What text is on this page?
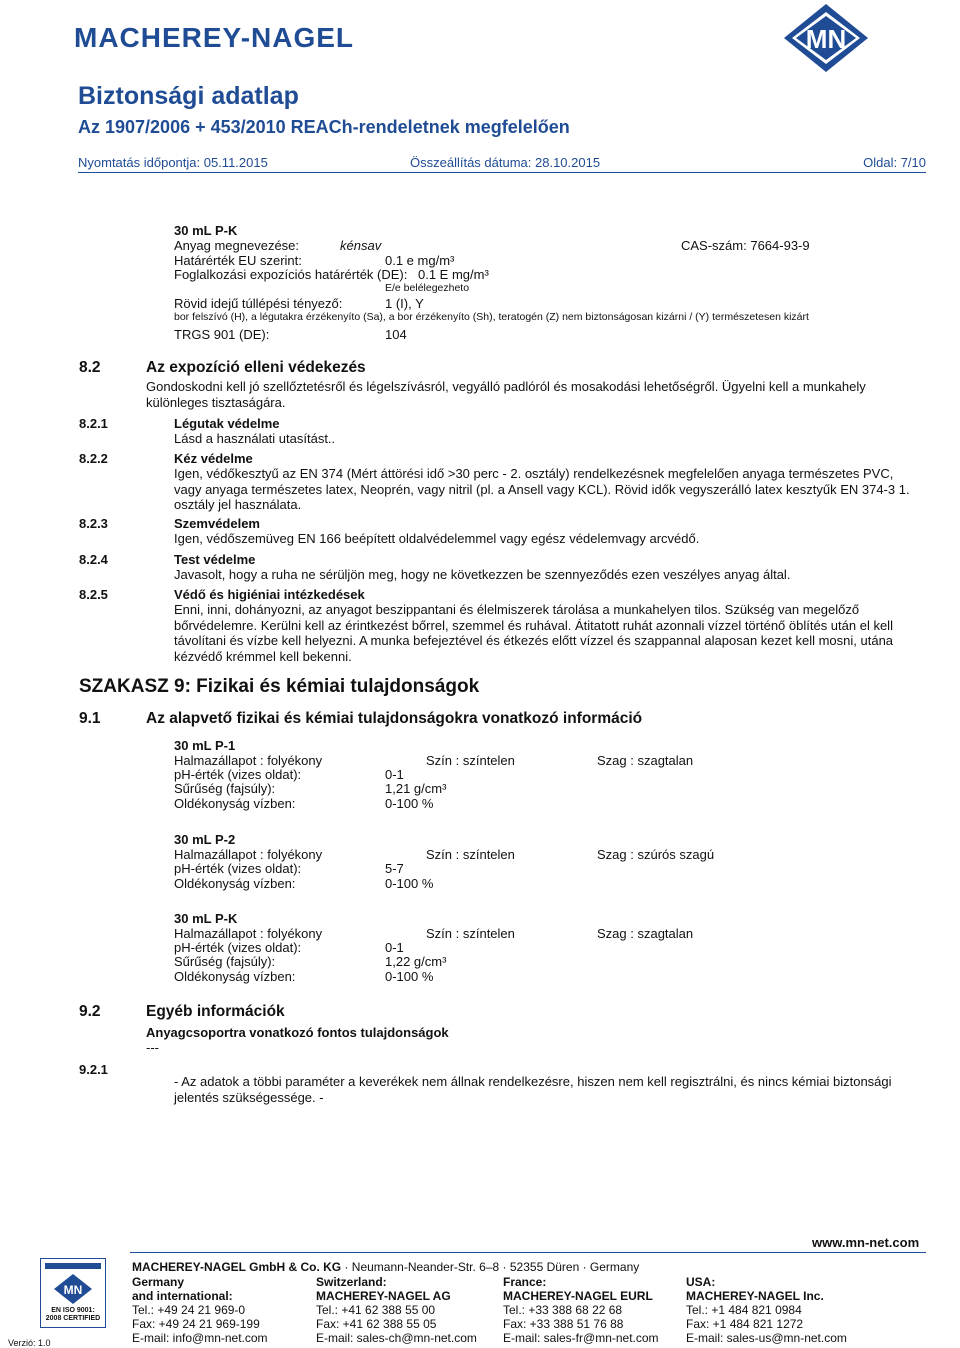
MACHEREY-NAGEL	MN
Biztonsági adatlap
Az 1907/2006 + 453/2010 REACh-rendeletnek megfelelően
Nyomtatás időpontja: 05.11.2015	Összeállítás dátuma: 28.10.2015	Oldal: 7/10
30 mL P-K
Anyag megnevezése:	kénsav	CAS-szám: 7664-93-9
Határérték EU szerint:	0.1 e mg/m³
Foglalkozási expozíciós határérték (DE): 0.1 E mg/m³
E/e belélegezheto
Rövid idejű túllépési tényező:	1 (I), Y
bor felszívó (H), a légutakra érzékenyíto (Sa), a bor érzékenyíto (Sh), teratogén (Z) nem biztonságosan kizárni / (Y) természetesen kizárt
TRGS 901 (DE):	104
8.2	Az expozíció elleni védekezés
Gondoskodni kell jó szellőztetésről és légelszívásról, vegyálló padlóról és mosakodási lehetőségről. Ügyelni kell a munkahely különleges tisztaságára.
8.2.1	Légutak védelme
Lásd a használati utasítást..
8.2.2	Kéz védelme
Igen, védőkesztyű az EN 374 (Mért áttörési idő >30 perc - 2. osztály) rendelkezésnek megfelelően anyaga természetes PVC, vagy anyaga természetes latex, Neoprén, vagy nitril (pl. a Ansell vagy KCL). Rövid idők vegyszerálló latex kesztyűk EN 374-3 1. osztály jel használata.
8.2.3	Szemvédelem
Igen, védőszemüveg EN 166 beépített oldalvédelemmel vagy egész védelemvagy arcvédő.
8.2.4	Test védelme
Javasolt, hogy a ruha ne sérüljön meg, hogy ne következzen be szennyeződés ezen veszélyes anyag által.
8.2.5	Védő és higiéniai intézkedések
Enni, inni, dohányozni, az anyagot beszippantani és élelmiszerek tárolása a munkahelyen tilos. Szükség van megelőző bőrvédelemre. Kerülni kell az érintkezést bőrrel, szemmel és ruhával. Átitatott ruhát azonnali vízzel történő öblítés után el kell távolítani és vízbe kell helyezni. A munka befejeztével és étkezés előtt vízzel és szappannal alaposan kezet kell mosni, utána kézvédő krémmel kell bekenni.
SZAKASZ 9: Fizikai és kémiai tulajdonságok
9.1	Az alapvető fizikai és kémiai tulajdonságokra vonatkozó információ
30 mL P-1
Halmazállapot : folyékony	Szín : színtelen	Szag : szagtalan
pH-érték (vizes oldat):	0-1
Sűrűség (fajsúly):	1,21 g/cm³
Oldékonyság vízben:	0-100 %
30 mL P-2
Halmazállapot : folyékony	Szín : színtelen	Szag : szúrós szagú
pH-érték (vizes oldat):	5-7
Oldékonyság vízben:	0-100 %
30 mL P-K
Halmazállapot : folyékony	Szín : színtelen	Szag : szagtalan
pH-érték (vizes oldat):	0-1
Sűrűség (fajsúly):	1,22 g/cm³
Oldékonyság vízben:	0-100 %
9.2	Egyéb információk
Anyagcsoportra vonatkozó fontos tulajdonságok
---
9.2.1
- Az adatok a többi paraméter a keverékek nem állnak rendelkezésre, hiszen nem kell regisztrálni, és nincs kémiai biztonsági jelentés szükségessége. -
www.mn-net.com
MN
EN ISO 9001: 2008 CERTIFIED
Verzió: 1.0
MACHEREY-NAGEL GmbH & Co. KG · Neumann-Neander-Str. 6–8 · 52355 Düren · Germany
Germany
and international:
Tel.: +49 24 21 969-0
Fax: +49 24 21 969-199
E-mail: info@mn-net.com
Switzerland:
MACHEREY-NAGEL AG
Tel.: +41 62 388 55 00
Fax: +41 62 388 55 05
E-mail: sales-ch@mn-net.com
France:
MACHEREY-NAGEL EURL
Tel.: +33 388 68 22 68
Fax: +33 388 51 76 88
E-mail: sales-fr@mn-net.com
USA:
MACHEREY-NAGEL Inc.
Tel.: +1 484 821 0984
Fax: +1 484 821 1272
E-mail: sales-us@mn-net.com
